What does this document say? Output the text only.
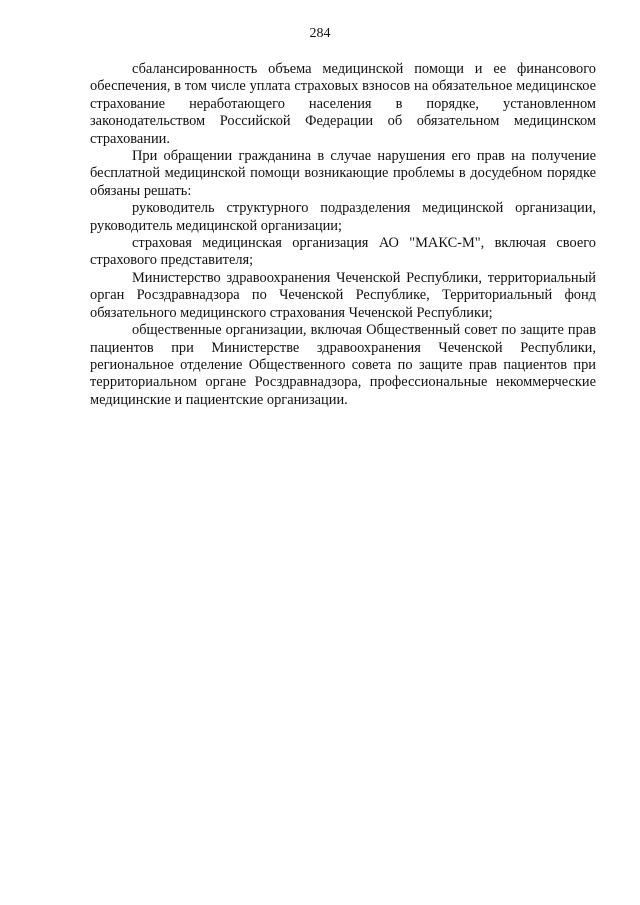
284

сбалансированность объема медицинской помощи и ее финансового обеспечения, в том числе уплата страховых взносов на обязательное медицинское страхование неработающего населения в порядке, установленном законодательством Российской Федерации об обязательном медицинском страховании.

При обращении гражданина в случае нарушения его прав на получение бесплатной медицинской помощи возникающие проблемы в досудебном порядке обязаны решать:

руководитель структурного подразделения медицинской организации, руководитель медицинской организации;

страховая медицинская организация АО "МАКС-М", включая своего страхового представителя;

Министерство здравоохранения Чеченской Республики, территориальный орган Росздравнадзора по Чеченской Республике, Территориальный фонд обязательного медицинского страхования Чеченской Республики;

общественные организации, включая Общественный совет по защите прав пациентов при Министерстве здравоохранения Чеченской Республики, региональное отделение Общественного совета по защите прав пациентов при территориальном органе Росздравнадзора, профессиональные некоммерческие медицинские и пациентские организации.
